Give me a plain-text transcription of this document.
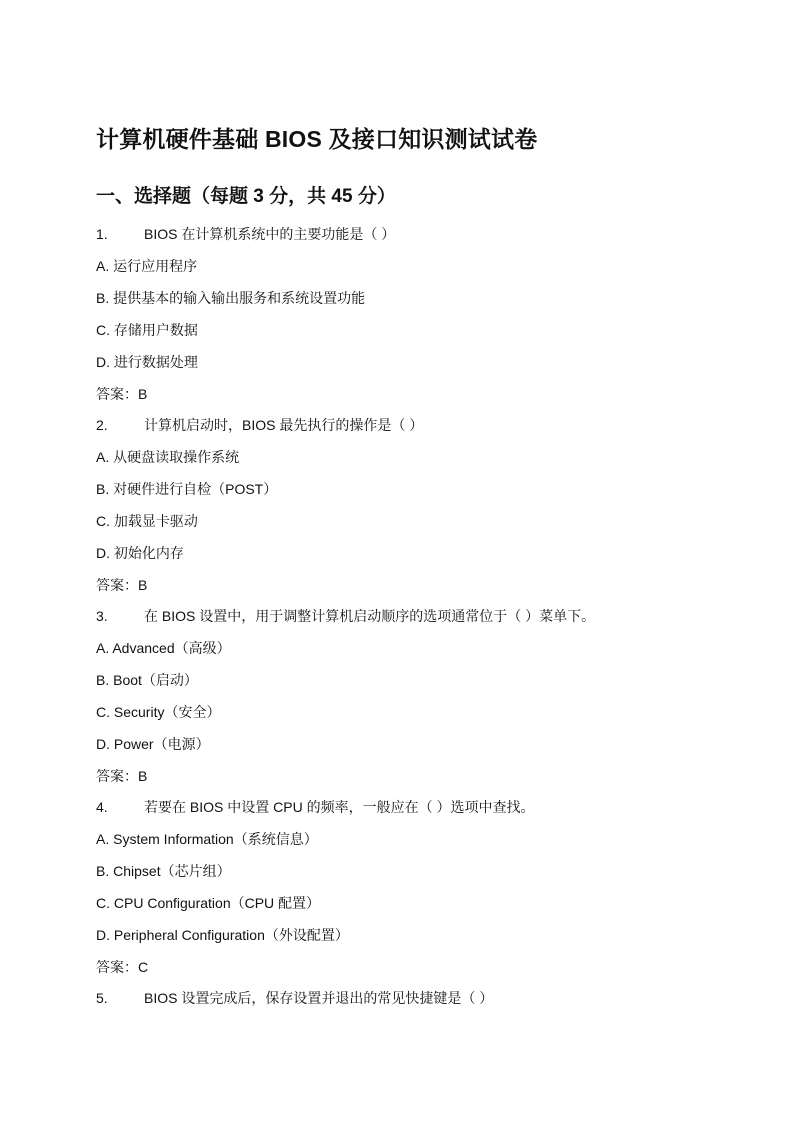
计算机硬件基础 BIOS 及接口知识测试试卷
一、选择题（每题 3 分，共 45 分）
1.	BIOS 在计算机系统中的主要功能是（ ）
A. 运行应用程序
B. 提供基本的输入输出服务和系统设置功能
C. 存储用户数据
D. 进行数据处理
答案：B
2.	计算机启动时，BIOS 最先执行的操作是（ ）
A. 从硬盘读取操作系统
B. 对硬件进行自检（POST）
C. 加载显卡驱动
D. 初始化内存
答案：B
3.	在 BIOS 设置中，用于调整计算机启动顺序的选项通常位于（ ）菜单下。
A. Advanced（高级）
B. Boot（启动）
C. Security（安全）
D. Power（电源）
答案：B
4.	若要在 BIOS 中设置 CPU 的频率，一般应在（ ）选项中查找。
A. System Information（系统信息）
B. Chipset（芯片组）
C. CPU Configuration（CPU 配置）
D. Peripheral Configuration（外设配置）
答案：C
5.	BIOS 设置完成后，保存设置并退出的常见快捷键是（ ）
